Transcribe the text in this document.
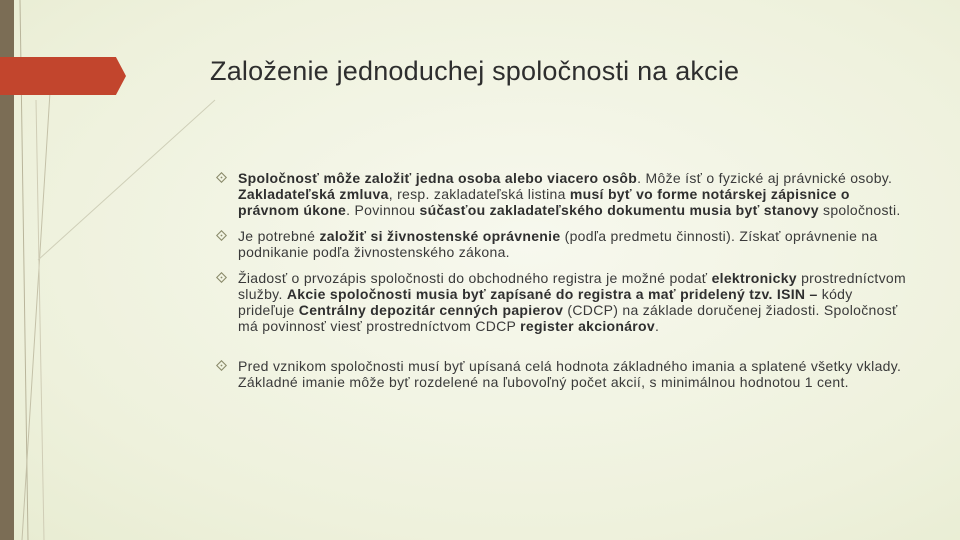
Založenie jednoduchej spoločnosti na akcie
Spoločnosť môže založiť jedna osoba alebo viacero osôb. Môže ísť o fyzické aj právnické osoby. Zakladateľská zmluva, resp. zakladateľská listina musí byť vo forme notárskej zápisnice o právnom úkone. Povinnou súčasťou zakladateľského dokumentu musia byť stanovy spoločnosti.
Je potrebné založiť si živnostenské oprávnenie (podľa predmetu činnosti). Získať oprávnenie na podnikanie podľa živnostenského zákona.
Žiadosť o prvozápis spoločnosti do obchodného registra je možné podať elektronicky prostredníctvom služby. Akcie spoločnosti musia byť zapísané do registra a mať pridelený tzv. ISIN – kódy prideľuje Centrálny depozitár cenných papierov (CDCP) na základe doručenej žiadosti. Spoločnosť má povinnosť viesť prostredníctvom CDCP register akcionárov.
Pred vznikom spoločnosti musí byť upísaná celá hodnota základného imania a splatené všetky vklady. Základné imanie môže byť rozdelené na ľubovoľný počet akcií, s minimálnou hodnotou 1 cent.
